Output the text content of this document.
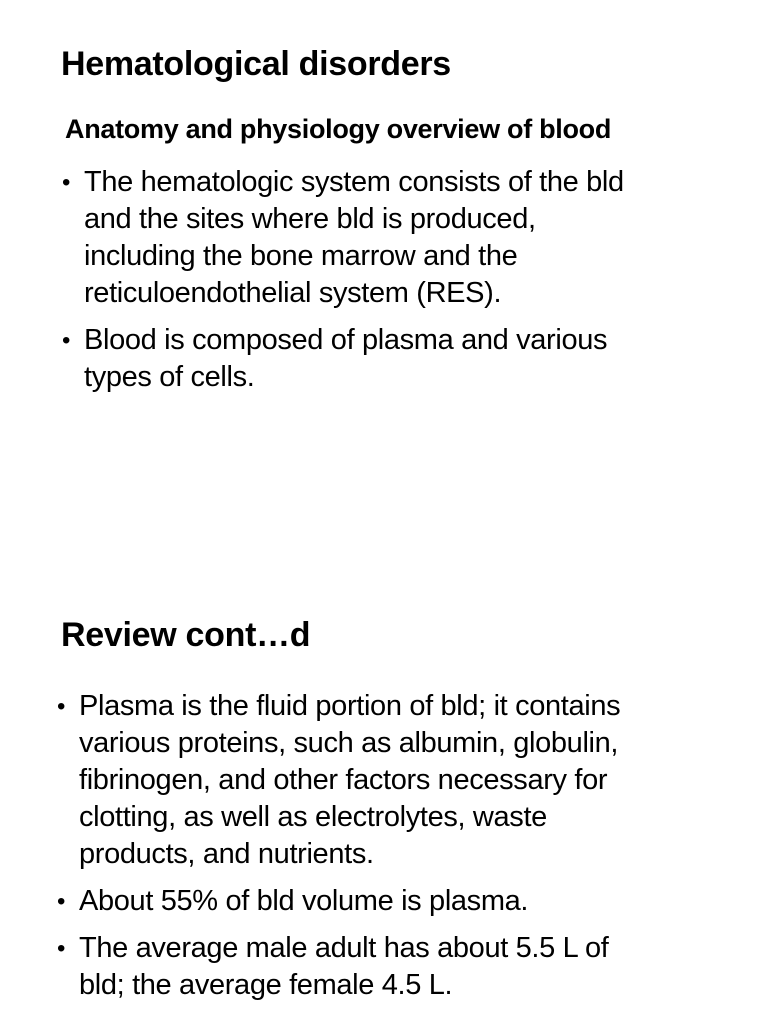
Hematological disorders
Anatomy and physiology overview of blood
• The hematologic system consists of the bld
and the sites where bld is produced,
including the bone marrow and the
reticuloendothelial system (RES).
• Blood is composed of plasma and various
types of cells.
Review cont…d
• Plasma is the fluid portion of bld; it contains
various proteins, such as albumin, globulin,
fibrinogen, and other factors necessary for
clotting, as well as electrolytes, waste
products, and nutrients.
• About 55% of bld volume is plasma.
• The average male adult has about 5.5 L of
bld; the average female 4.5 L.
